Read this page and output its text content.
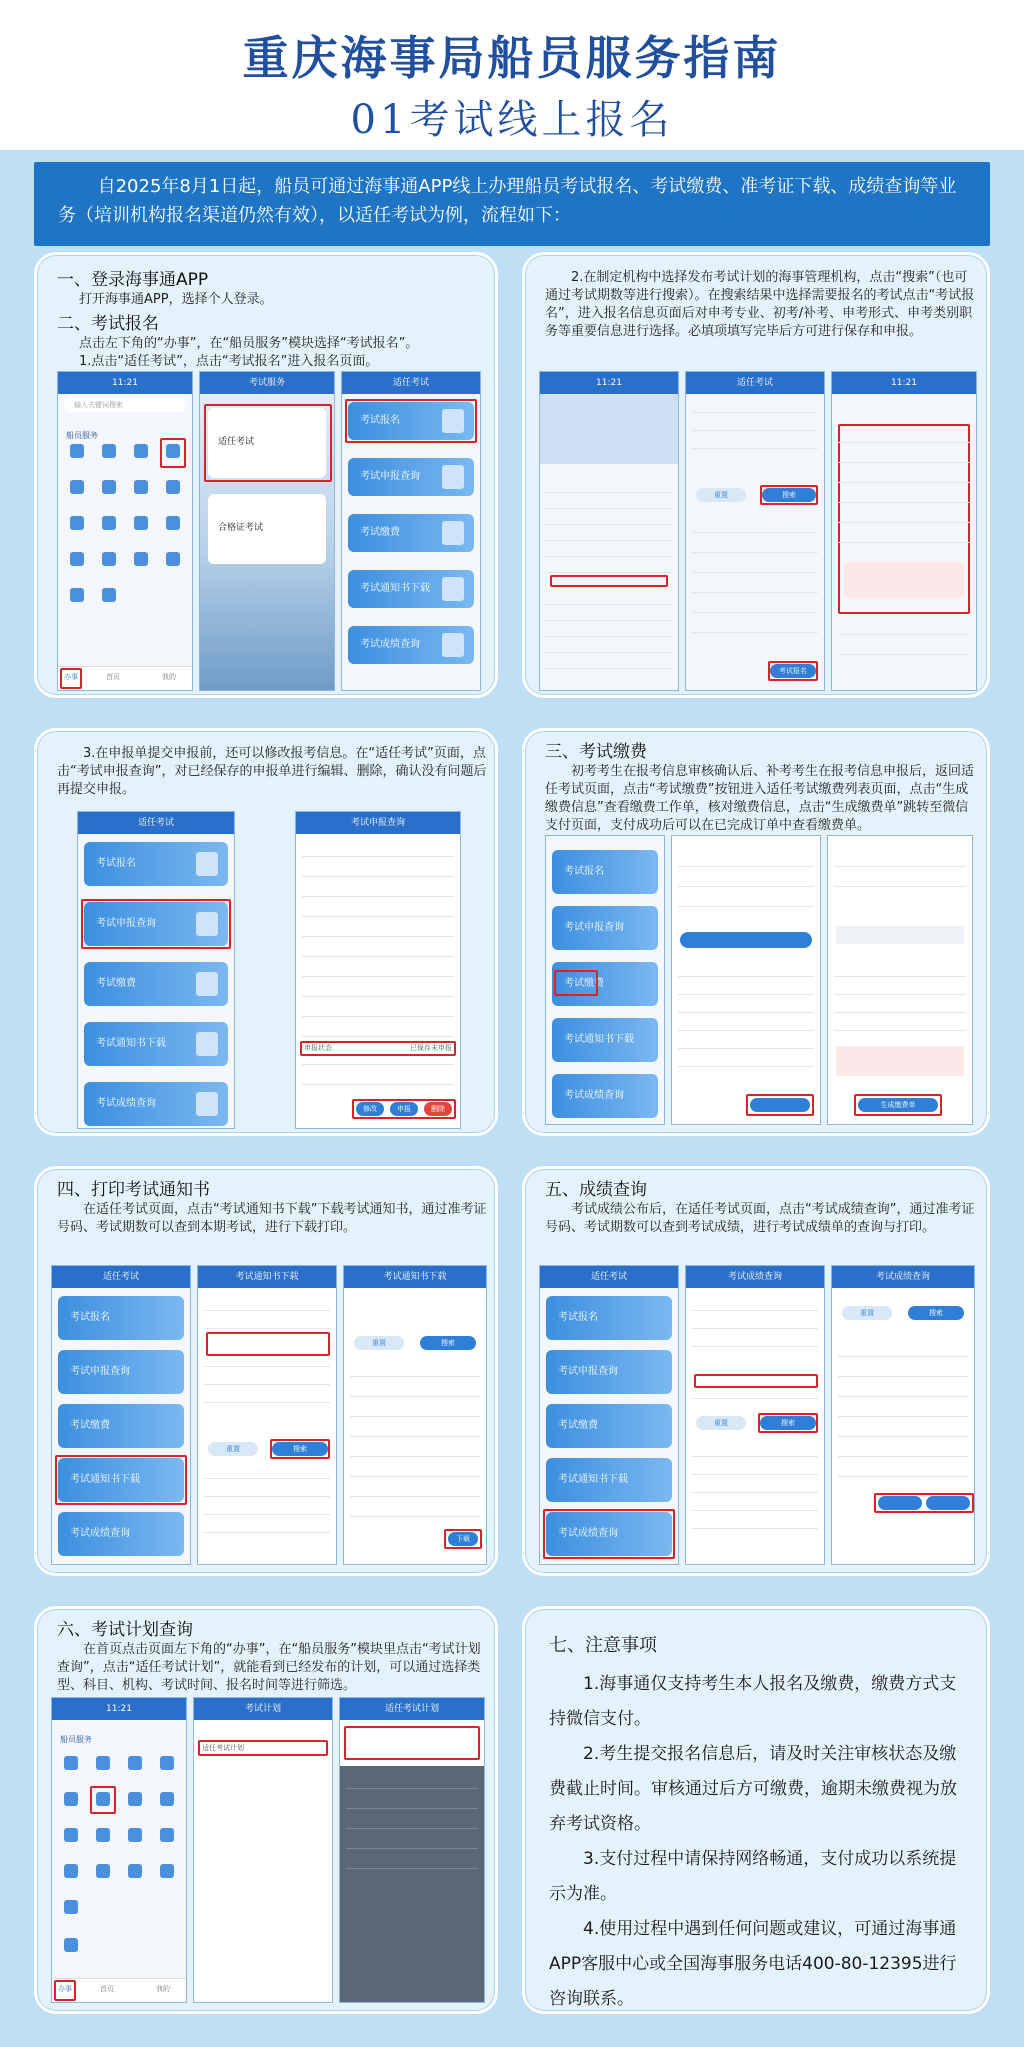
重庆海事局船员服务指南
01考试线上报名

自2025年8月1日起，船员可通过海事通APP线上办理船员考试报名、考试缴费、准考证下载、成绩查询等业务（培训机构报名渠道仍然有效），以适任考试为例，流程如下：

一、登录海事通APP
打开海事通APP，选择个人登录。
二、考试报名
点击左下角的“办事”，在“船员服务”模块选择“考试报名”。
1.点击“适任考试”，点击“考试报名”进入报名页面。
11:21
输入关键词搜索
船员服务
办事	首页	我的
考试服务
适任考试
合格证考试
适任考试
考试报名
考试申报查询
考试缴费
考试通知书下载
考试成绩查询
2.在制定机构中选择发布考试计划的海事管理机构，点击“搜索”（也可通过考试期数等进行搜索）。在搜索结果中选择需要报名的考试点击“考试报名”，进入报名信息页面后对申考专业、初考/补考、申考形式、申考类别职务等重要信息进行选择。必填项填写完毕后方可进行保存和申报。
11:21	适任考试
重置	搜索
考试报名
11:21
3.在申报单提交申报前，还可以修改报考信息。在“适任考试”页面，点击“考试申报查询”，对已经保存的申报单进行编辑、删除，确认没有问题后再提交申报。
适任考试
考试报名
考试申报查询
考试缴费
考试通知书下载
考试成绩查询
考试申报查询
申报状态	已保存未申报
修改	申报	删除
三、考试缴费
初考考生在报考信息审核确认后、补考考生在报考信息申报后，返回适任考试页面，点击“考试缴费”按钮进入适任考试缴费列表页面，点击“生成缴费信息”查看缴费工作单，核对缴费信息，点击“生成缴费单”跳转至微信支付页面，支付成功后可以在已完成订单中查看缴费单。
考试报名
考试申报查询
考试缴费
考试通知书下载
考试成绩查询
生成缴费单
四、打印考试通知书
在适任考试页面，点击“考试通知书下载”下载考试通知书，通过准考证号码、考试期数可以查到本期考试，进行下载打印。
适任考试
考试报名
考试申报查询
考试缴费
考试通知书下载
考试成绩查询
考试通知书下载
重置	搜索
考试通知书下载
重置	搜索
下载
五、成绩查询
考试成绩公布后，在适任考试页面，点击“考试成绩查询”，通过准考证号码、考试期数可以查到考试成绩，进行考试成绩单的查询与打印。
适任考试
考试报名
考试申报查询
考试缴费
考试通知书下载
考试成绩查询
考试成绩查询
重置	搜索
考试成绩查询
重置	搜索
六、考试计划查询
在首页点击页面左下角的“办事”，在“船员服务”模块里点击“考试计划查询”，点击“适任考试计划”，就能看到已经发布的计划，可以通过选择类型、科目、机构、考试时间、报名时间等进行筛选。
11:21
船员服务
办事	首页	我的
考试计划
适任考试计划
适任考试计划
七、注意事项

1.海事通仅支持考生本人报名及缴费，缴费方式支持微信支付。

2.考生提交报名信息后，请及时关注审核状态及缴费截止时间。审核通过后方可缴费，逾期未缴费视为放弃考试资格。

3.支付过程中请保持网络畅通，支付成功以系统提示为准。

4.使用过程中遇到任何问题或建议，可通过海事通APP客服中心或全国海事服务电话400-80-12395进行咨询联系。
